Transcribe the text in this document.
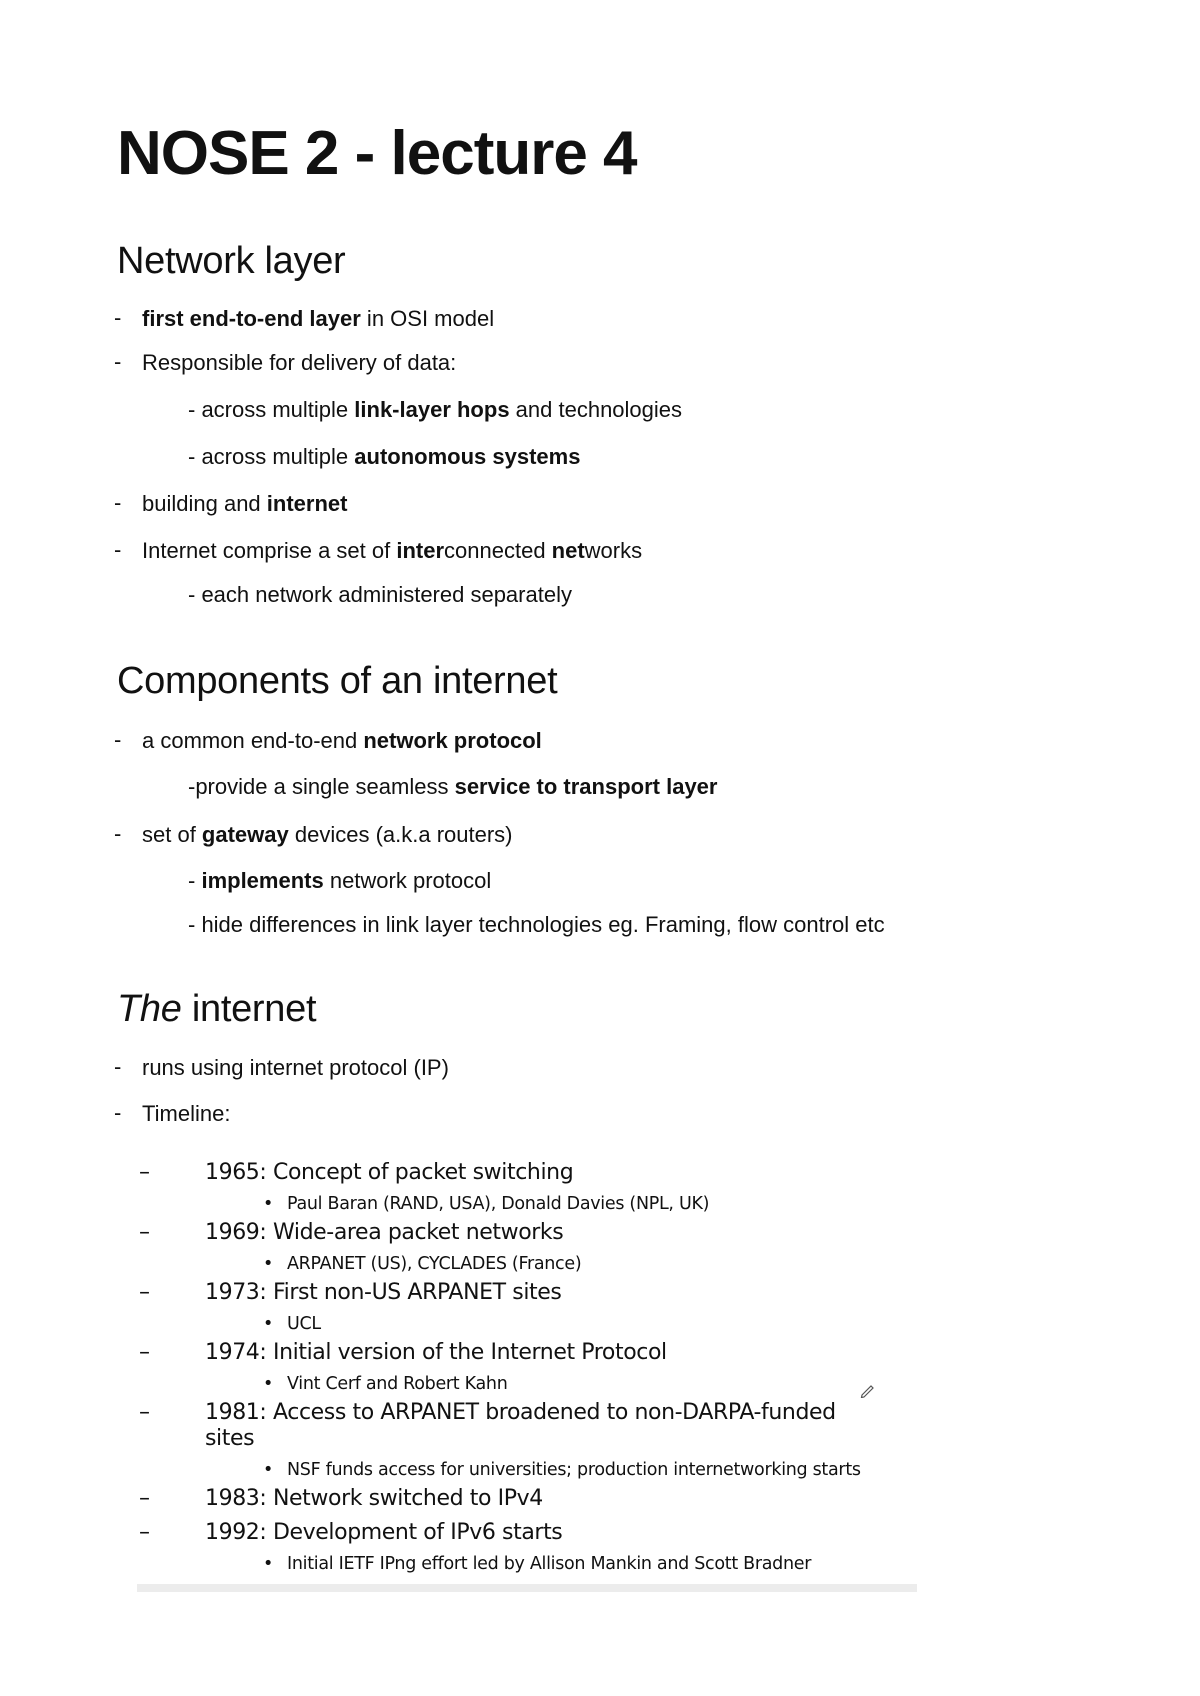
NOSE 2 - lecture 4
Network layer
- first end-to-end layer in OSI model

- Responsible for delivery of data:

- across multiple link-layer hops and technologies

- across multiple autonomous systems

- building and internet

- Internet comprise a set of interconnected networks

- each network administered separately

Components of an internet
- a common end-to-end network protocol

-provide a single seamless service to transport layer

- set of gateway devices (a.k.a routers)

- implements network protocol

- hide differences in link layer technologies eg. Framing, flow control etc

The internet
- runs using internet protocol (IP)

- Timeline:

–	1965: Concept of packet switching
• Paul Baran (RAND, USA), Donald Davies (NPL, UK)
–	1969: Wide-area packet networks
• ARPANET (US), CYCLADES (France)
–	1973: First non-US ARPANET sites
• UCL
–	1974: Initial version of the Internet Protocol
• Vint Cerf and Robert Kahn
–	1981: Access to ARPANET broadened to non-DARPA-funded
sites
• NSF funds access for universities; production internetworking starts
–	1983: Network switched to IPv4
–	1992: Development of IPv6 starts
• Initial IETF IPng effort led by Allison Mankin and Scott Bradner
